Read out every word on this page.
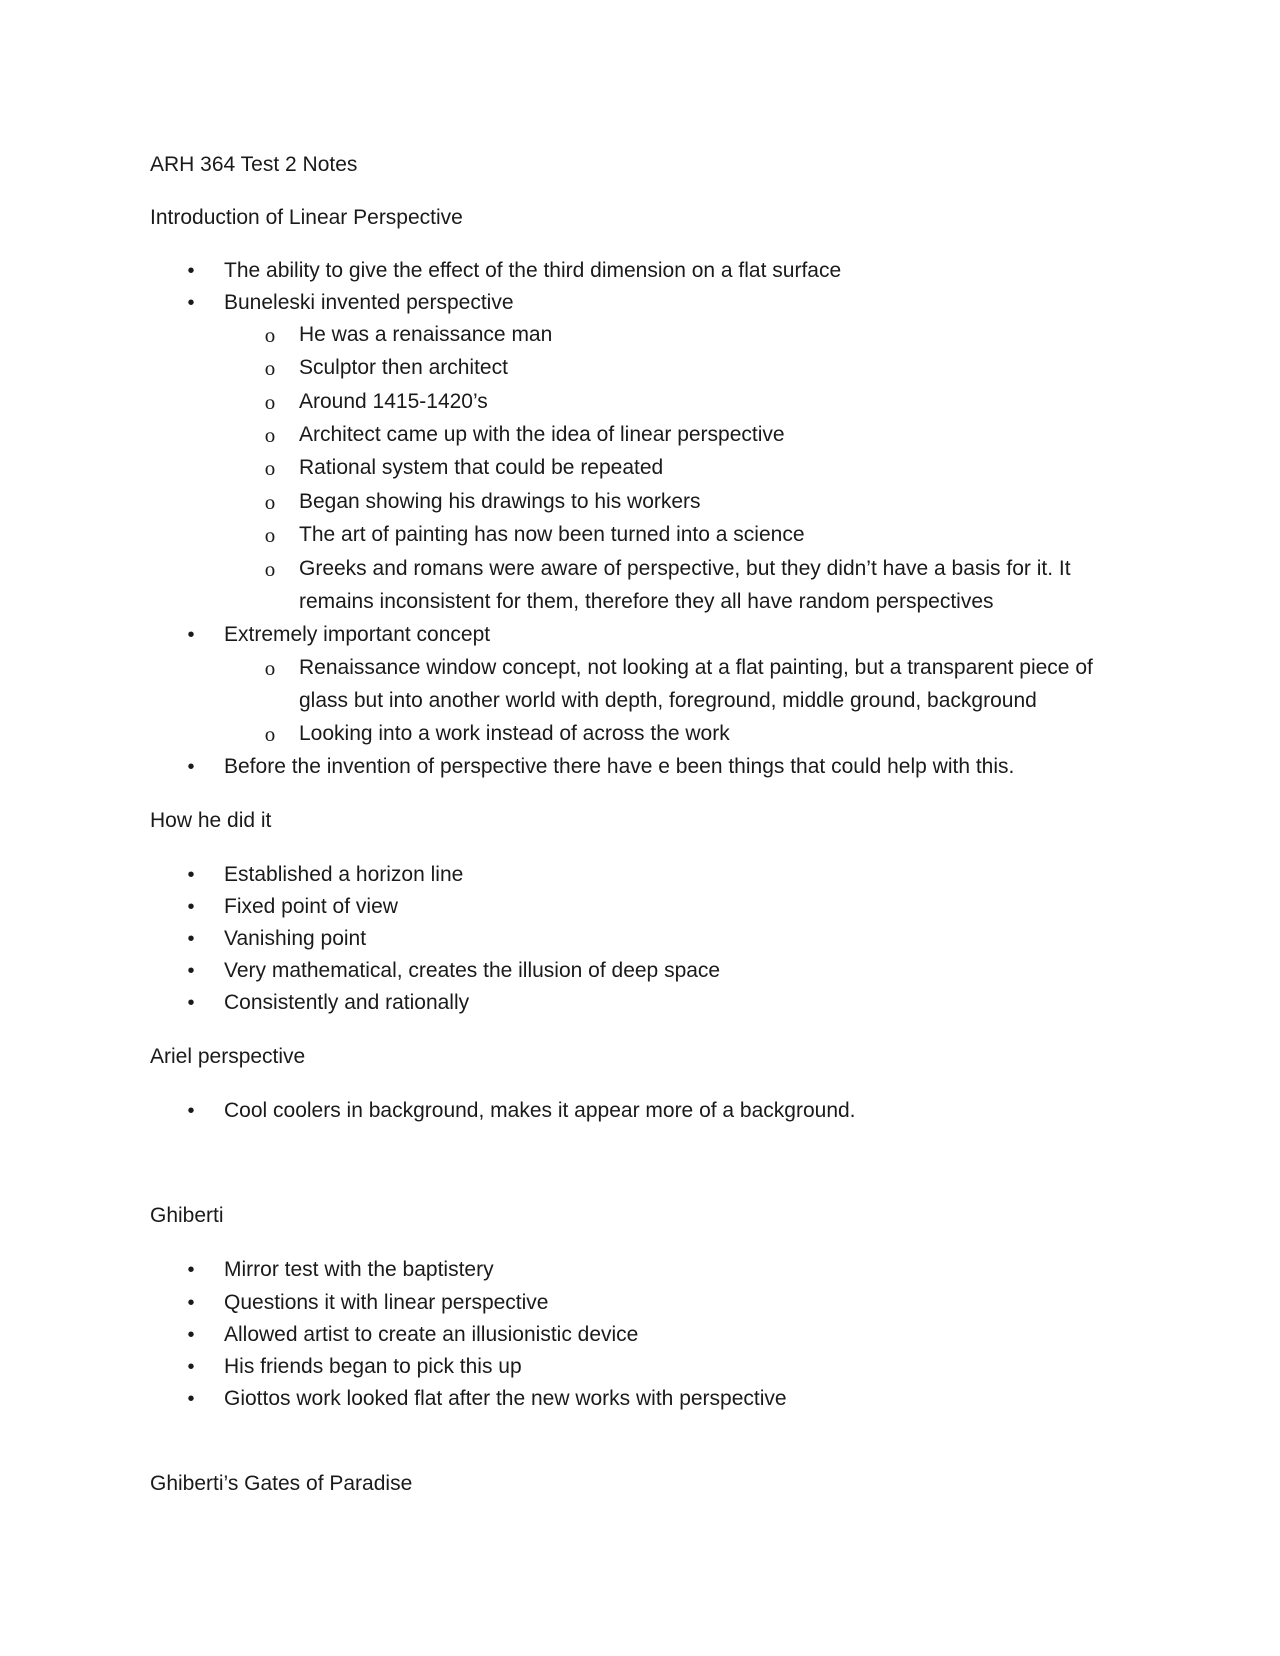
ARH 364 Test 2 Notes
Introduction of Linear Perspective
• The ability to give the effect of the third dimension on a flat surface
• Buneleski invented perspective
o He was a renaissance man
o Sculptor then architect
o Around 1415-1420’s
o Architect came up with the idea of linear perspective
o Rational system that could be repeated
o Began showing his drawings to his workers
o The art of painting has now been turned into a science
o Greeks and romans were aware of perspective, but they didn’t have a basis for it. It
remains inconsistent for them, therefore they all have random perspectives
• Extremely important concept
o Renaissance window concept, not looking at a flat painting, but a transparent piece of
glass but into another world with depth, foreground, middle ground, background
o Looking into a work instead of across the work
• Before the invention of perspective there have e been things that could help with this.
How he did it
• Established a horizon line
• Fixed point of view
• Vanishing point
• Very mathematical, creates the illusion of deep space
• Consistently and rationally
Ariel perspective
• Cool coolers in background, makes it appear more of a background.
Ghiberti
• Mirror test with the baptistery
• Questions it with linear perspective
• Allowed artist to create an illusionistic device
• His friends began to pick this up
• Giottos work looked flat after the new works with perspective
Ghiberti’s Gates of Paradise
